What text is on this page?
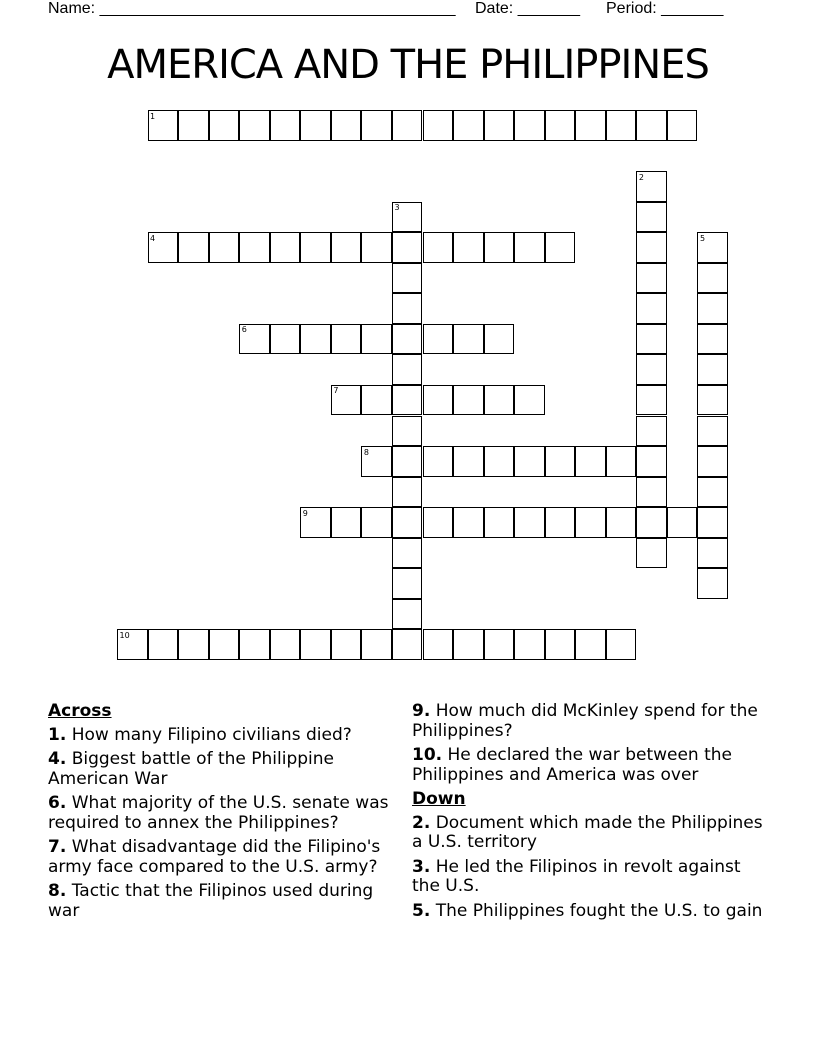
Name: ________________________________________ Date: _______ Period: _______
AMERICA AND THE PHILIPPINES
1
2
3
4	5
6
7
8
9
10
Across
1. How many Filipino civilians died?
4. Biggest battle of the Philippine American War
6. What majority of the U.S. senate was required to annex the Philippines?
7. What disadvantage did the Filipino's army face compared to the U.S. army?
8. Tactic that the Filipinos used during war
9. How much did McKinley spend for the Philippines?
10. He declared the war between the Philippines and America was over
Down
2. Document which made the Philippines a U.S. territory
3. He led the Filipinos in revolt against the U.S.
5. The Philippines fought the U.S. to gain
